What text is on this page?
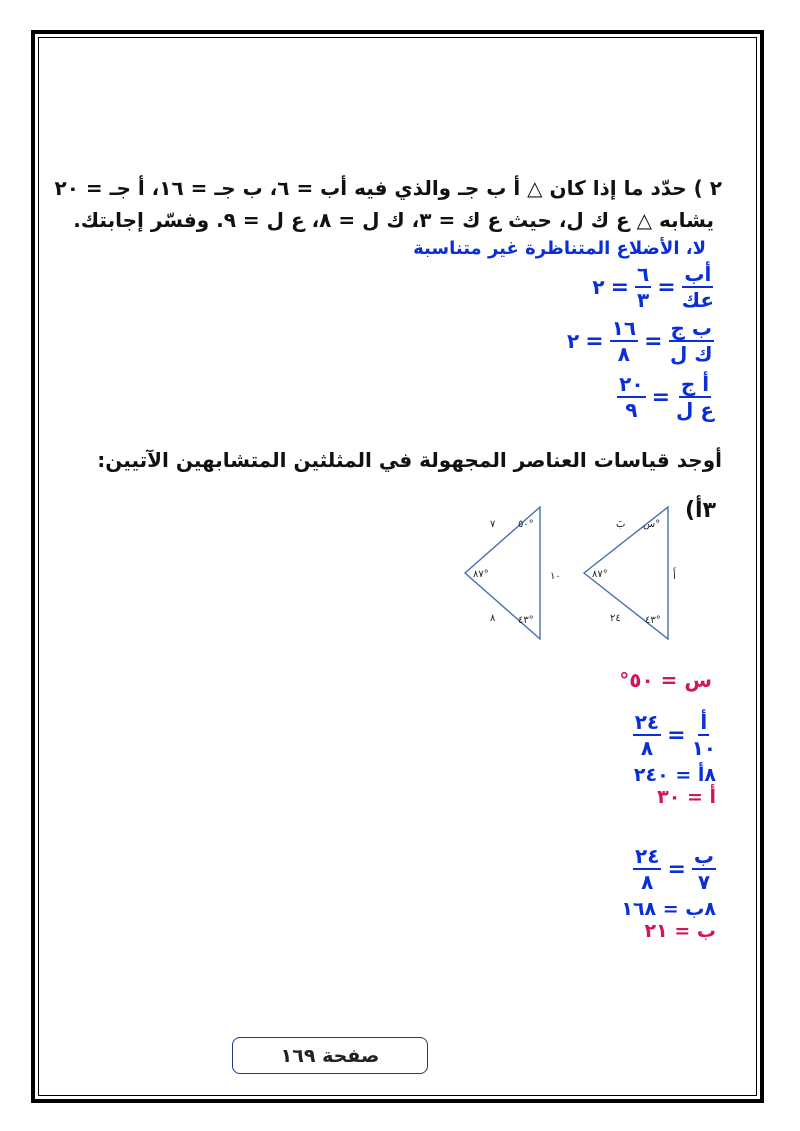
٢ ) حدّد ما إذا كان △ أ ب جـ والذي فيه أب = ٦، ب جـ = ١٦، أ جـ = ٢٠
يشابه △ ع ك ل، حيث ع ك = ٣، ك ل = ٨، ع ل = ٩. وفسّر إجابتك.
لا، الأضلاع المتناظرة غير متناسبة
$\frac{\text{أب}}{\text{عك}}$
=
$\frac{٦}{٣}$
=
٢
$\frac{\text{ب ج}}{\text{ك ل}}$
=
$\frac{١٦}{٨}$
=
٢
$\frac{\text{أ ج}}{\text{ع ل}}$
=
$\frac{٢٠}{٩}$
أوجد قياسات العناصر المجهولة في المثلثين المتشابهين الآتيين:
٣أ)
٥٠°
٨٧°
٤٣°
٧
١٠
٨
س°
٨٧°
٤٣°
بَ
أَ
٢٤
س = ٥٠°
$\frac{\text{أ}}{١٠}$
=
$\frac{٢٤}{٨}$
٨أ = ٢٤٠
أ = ٣٠
$\frac{\text{ب}}{٧}$
=
$\frac{٢٤}{٨}$
٨ب = ١٦٨
ب = ٢١
صفحة ١٦٩
